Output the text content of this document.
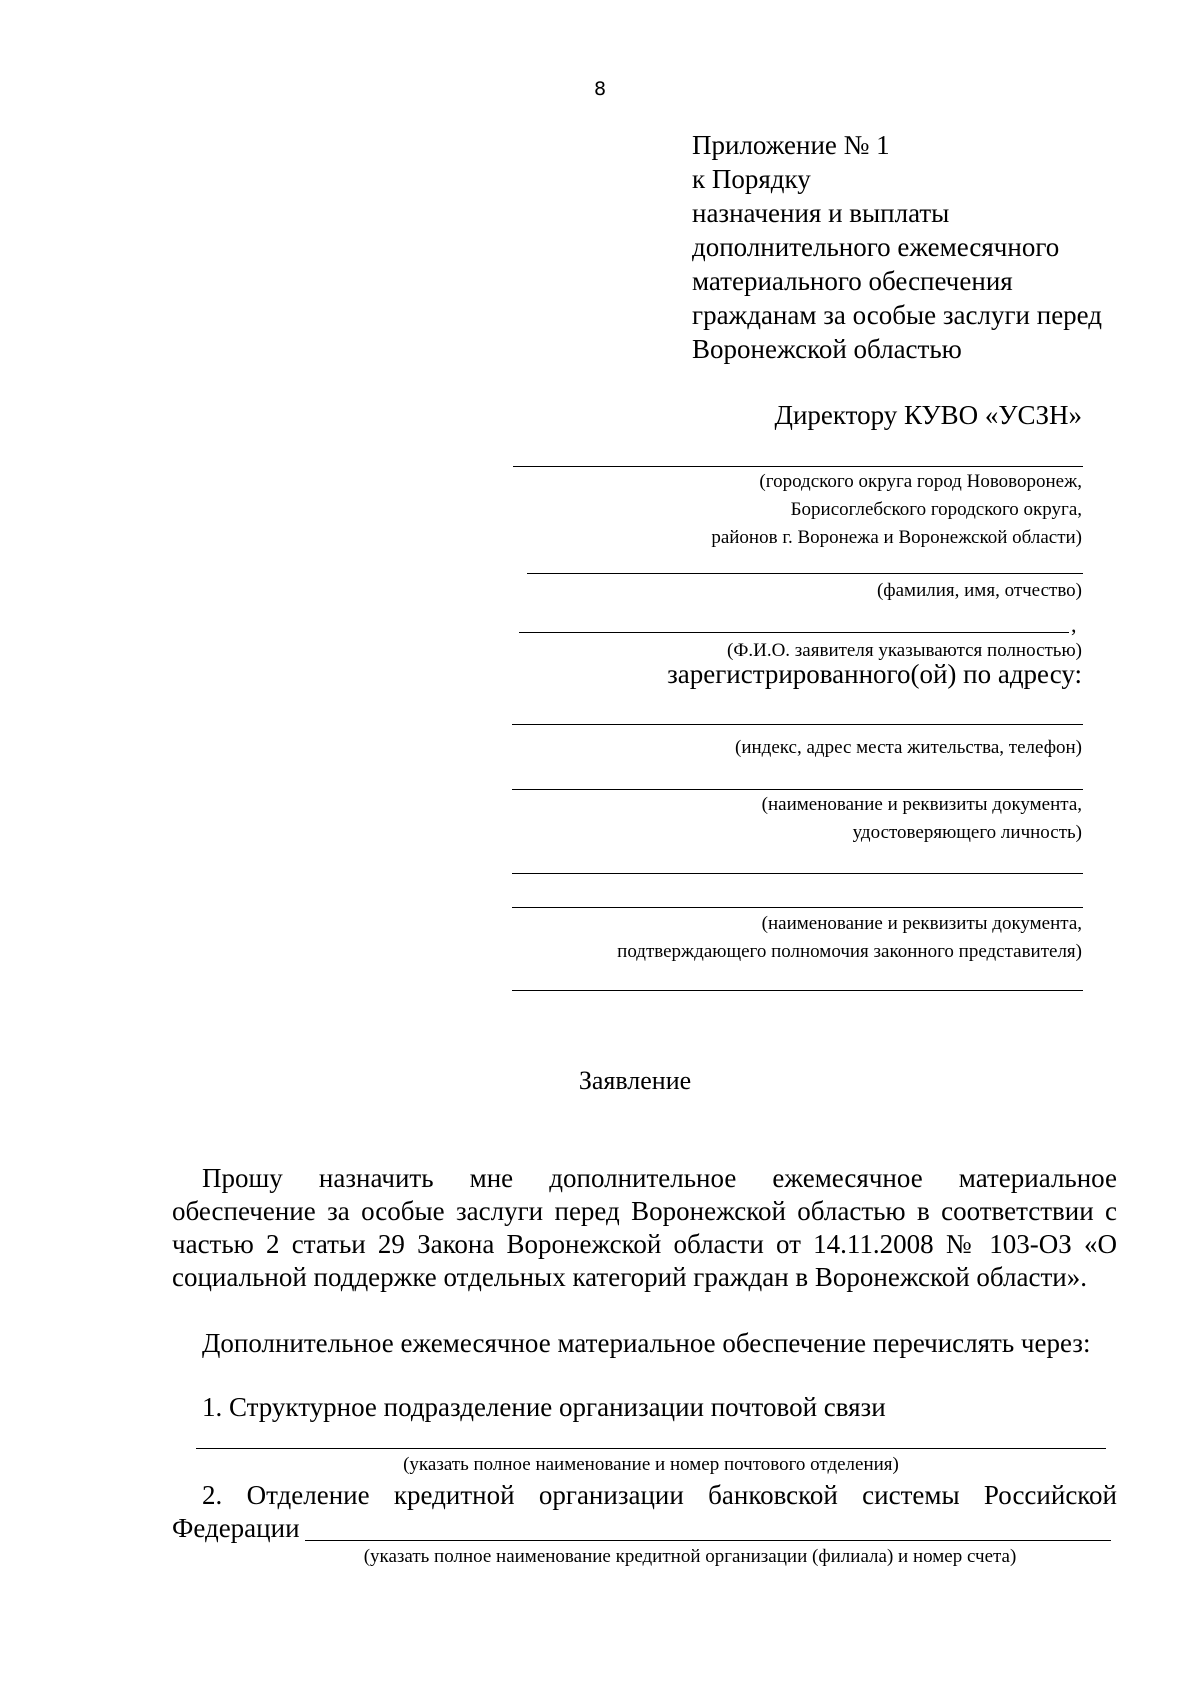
8
Приложение № 1
к Порядку
назначения и выплаты
дополнительного ежемесячного
материального обеспечения
гражданам за особые заслуги перед
Воронежской областью
Директору КУВО «УСЗН»
(городского округа город Нововоронеж,
Борисоглебского городского округа,
районов г. Воронежа и Воронежской области)
(фамилия, имя, отчество)
,
(Ф.И.О. заявителя указываются полностью)
зарегистрированного(ой) по адресу:
(индекс, адрес места жительства, телефон)
(наименование и реквизиты документа,
удостоверяющего личность)
(наименование и реквизиты документа,
подтверждающего полномочия законного представителя)
Заявление
Прошу назначить мне дополнительное ежемесячное материальное обеспечение за особые заслуги перед Воронежской областью в соответствии с частью 2 статьи 29 Закона Воронежской области от 14.11.2008 № 103-ОЗ «О социальной поддержке отдельных категорий граждан в Воронежской области».
Дополнительное ежемесячное материальное обеспечение перечислять через:
1. Структурное подразделение организации почтовой связи
(указать полное наименование и номер почтового отделения)
2. Отделение кредитной организации банковской системы Российской Федерации
(указать полное наименование кредитной организации (филиала) и номер счета)
